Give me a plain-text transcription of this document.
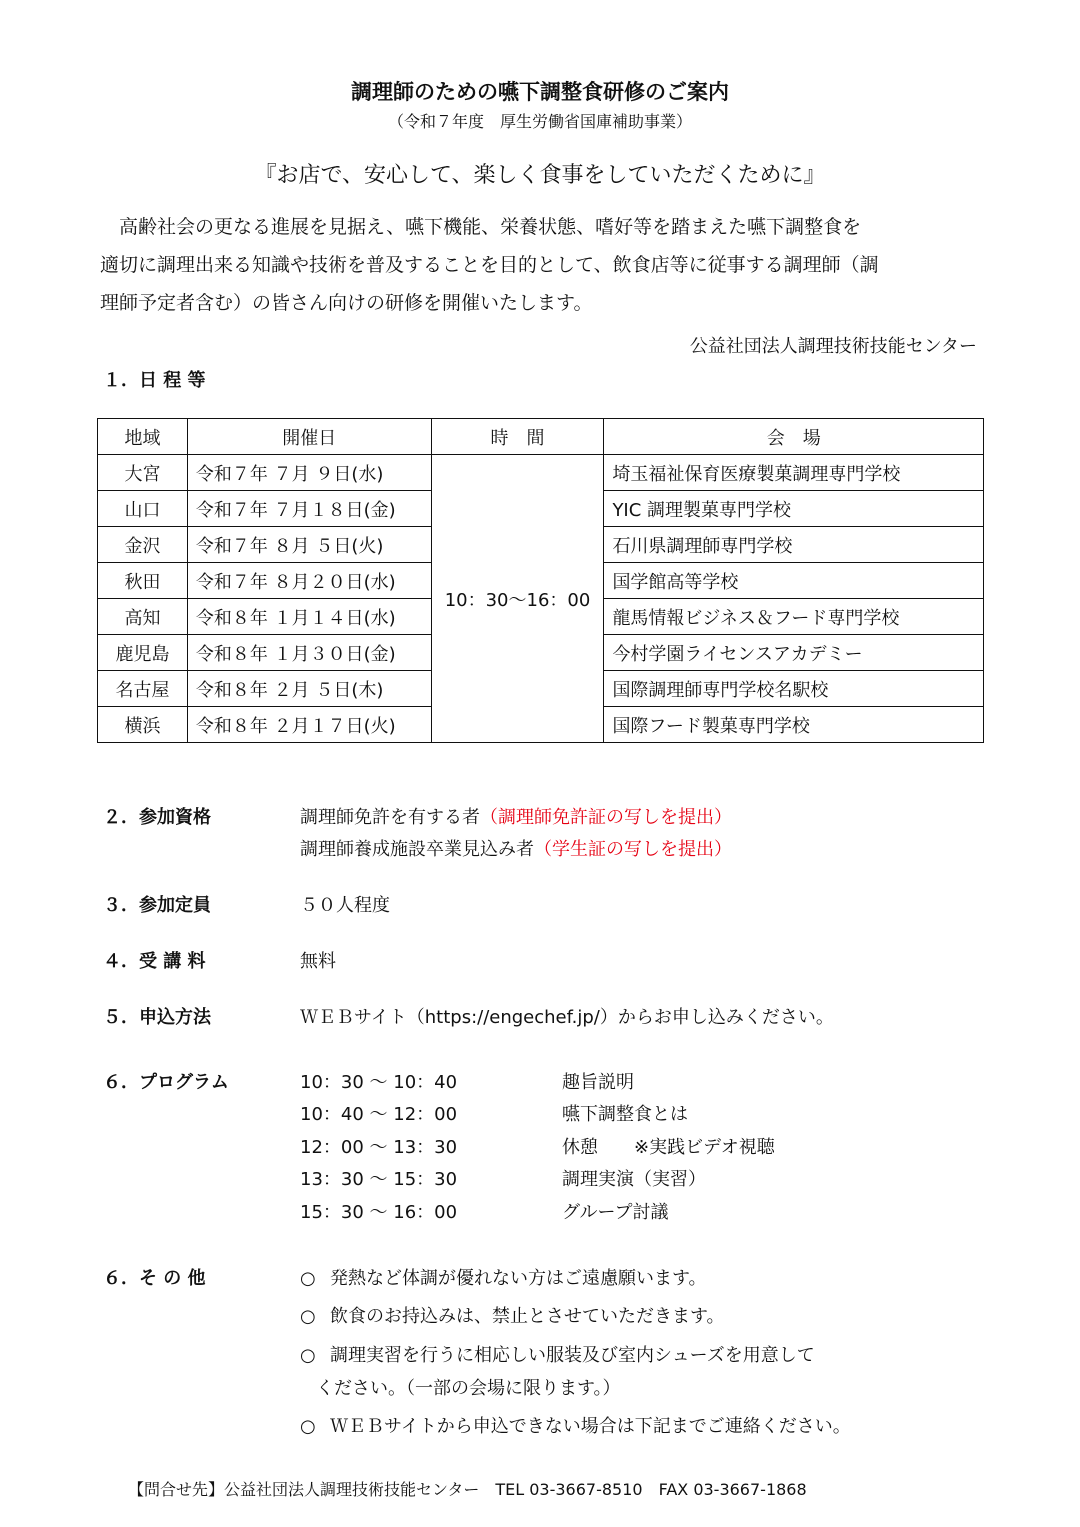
調理師のための嚥下調整食研修のご案内
（令和７年度　厚生労働省国庫補助事業）
『お店で、安心して、楽しく食事をしていただくために』
　高齢社会の更なる進展を見据え、嚥下機能、栄養状態、嗜好等を踏まえた嚥下調整食を
適切に調理出来る知識や技術を普及することを目的として、飲食店等に従事する調理師（調
理師予定者含む）の皆さん向けの研修を開催いたします。
公益社団法人調理技術技能センター
１．日 程 等
地域	開催日	時　間	会　場
大宮	令和７年 ７月 ９日(水)	10：30～16：00	埼玉福祉保育医療製菓調理専門学校
山口	令和７年 ７月１８日(金)		YIC 調理製菓専門学校
金沢	令和７年 ８月 ５日(火)		石川県調理師専門学校
秋田	令和７年 ８月２０日(水)		国学館高等学校
高知	令和８年 １月１４日(水)		龍馬情報ビジネス＆フード専門学校
鹿児島	令和８年 １月３０日(金)		今村学園ライセンスアカデミー
名古屋	令和８年 ２月 ５日(木)		国際調理師専門学校名駅校
横浜	令和８年 ２月１７日(火)		国際フード製菓専門学校
２．参加資格	調理師免許を有する者（調理師免許証の写しを提出）
調理師養成施設卒業見込み者（学生証の写しを提出）
３．参加定員	５０人程度
４．受 講 料	無料
５．申込方法	ＷＥＢサイト（https://engechef.jp/）からお申し込みください。
６．プログラム	10：30 ～ 10：40	趣旨説明
10：40 ～ 12：00	嚥下調整食とは
12：00 ～ 13：30	休憩　　※実践ビデオ視聴
13：30 ～ 15：30	調理実演（実習）
15：30 ～ 16：00	グループ討議
６．そ の 他	○ 発熱など体調が優れない方はご遠慮願います。
○ 飲食のお持込みは、禁止とさせていただきます。
○ 調理実習を行うに相応しい服装及び室内シューズを用意して
ください。（一部の会場に限ります。）
○ ＷＥＢサイトから申込できない場合は下記までご連絡ください。
【問合せ先】公益社団法人調理技術技能センター　TEL 03-3667-8510　FAX 03-3667-1868
